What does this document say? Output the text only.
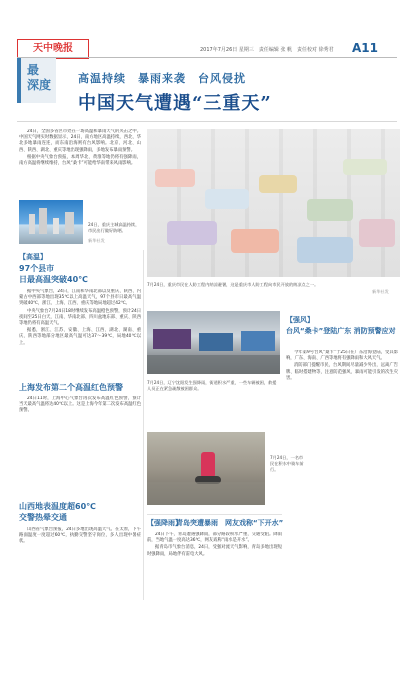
天中晚报
最
深度
2017年7月26日 星期三　责任编辑 张 帆　责任校对 徐秀君 A11
高温持续　暴雨来袭　台风侵扰
中国天气遭遇“三重天”

24日，全国多省区市处在一场高温和暴雨天气的夹击之中。中国天气网实时数据显示，24日，南方地区高温持续，西北、华北多地暴雨连连，而东南沿海则有台风影响。北京、河北、山西、陕西、湖北、重庆等地出现强降雨，多地发布暴雨预警。

根据中央气象台预报，本周华北、黄淮等地仍将有强降雨，南方高温将继续维持，台风“桑卡”可能给华南带来风雨影响。

24日，重庆主城高温持续，市民出行做好防晒。
新华社发
7月24日，重庆市民在人防工程内纳凉避暑，这是重庆市人防工程向市民开放的纳凉点之一。
新华社发
【高温】
97个县市
日最高温突破40℃

据中央气象台，24日，江南和华南北部以及重庆、陕西、内蒙古中西部等地出现35℃以上高温天气，97个县市日最高气温突破40℃，浙江、上海、江西、重庆等地局地超过42℃。

中央气象台7月24日18时继续发布高温橙色预警，预计24日夜间至25日白天，江南、华南北部、四川盆地东部、重庆、陕西等地仍将有高温天气。

据悉，浙江、江苏、安徽、上海、江西、湖北、湖南、重庆、陕西等地部分地区最高气温可达37～39℃，局地40℃以上。

上海发布第二个高温红色预警

24日11时，上海中心气象台再次发布高温红色预警，预计当天最高气温将达40℃以上。这是上海今年第二次发布高温红色预警。

山西地表温度超60℃
交警热晕交通

山西省气象台预报，24日多地出现高温天气。在太原，下午路面温度一度超过60℃，执勤交警坚守岗位，多人出现中暑症状。

7月24日，辽宁沈阳发生强降雨，街道积水严重，一些车辆被困，救援人员正在紧急疏散被困群众。
【强风】
台风“桑卡”登陆广东 消防预警应对

今年第9号台风“桑卡”于25日在广东沿海登陆，受其影响，广东、海南、广西等地将有强降雨和大风天气。

消防部门提醒市民，台风期间尽量减少外出，远离广告牌、临时搭建物等，注意防范强风、暴雨可能引发的次生灾害。

7月24日，一名市民在积水中骑车前行。
【强降雨】
青岛突遭暴雨　网友戏称“下开水”

24日下午，青岛遭遇强降雨，部分路段积水严重，交通受阻。降雨前，当地气温一度高达36℃，网友戏称“雨水是开水”。

据青岛市气象台消息，24日，受强对流天气影响，青岛多地出现短时强降雨，局地伴有雷电大风。
